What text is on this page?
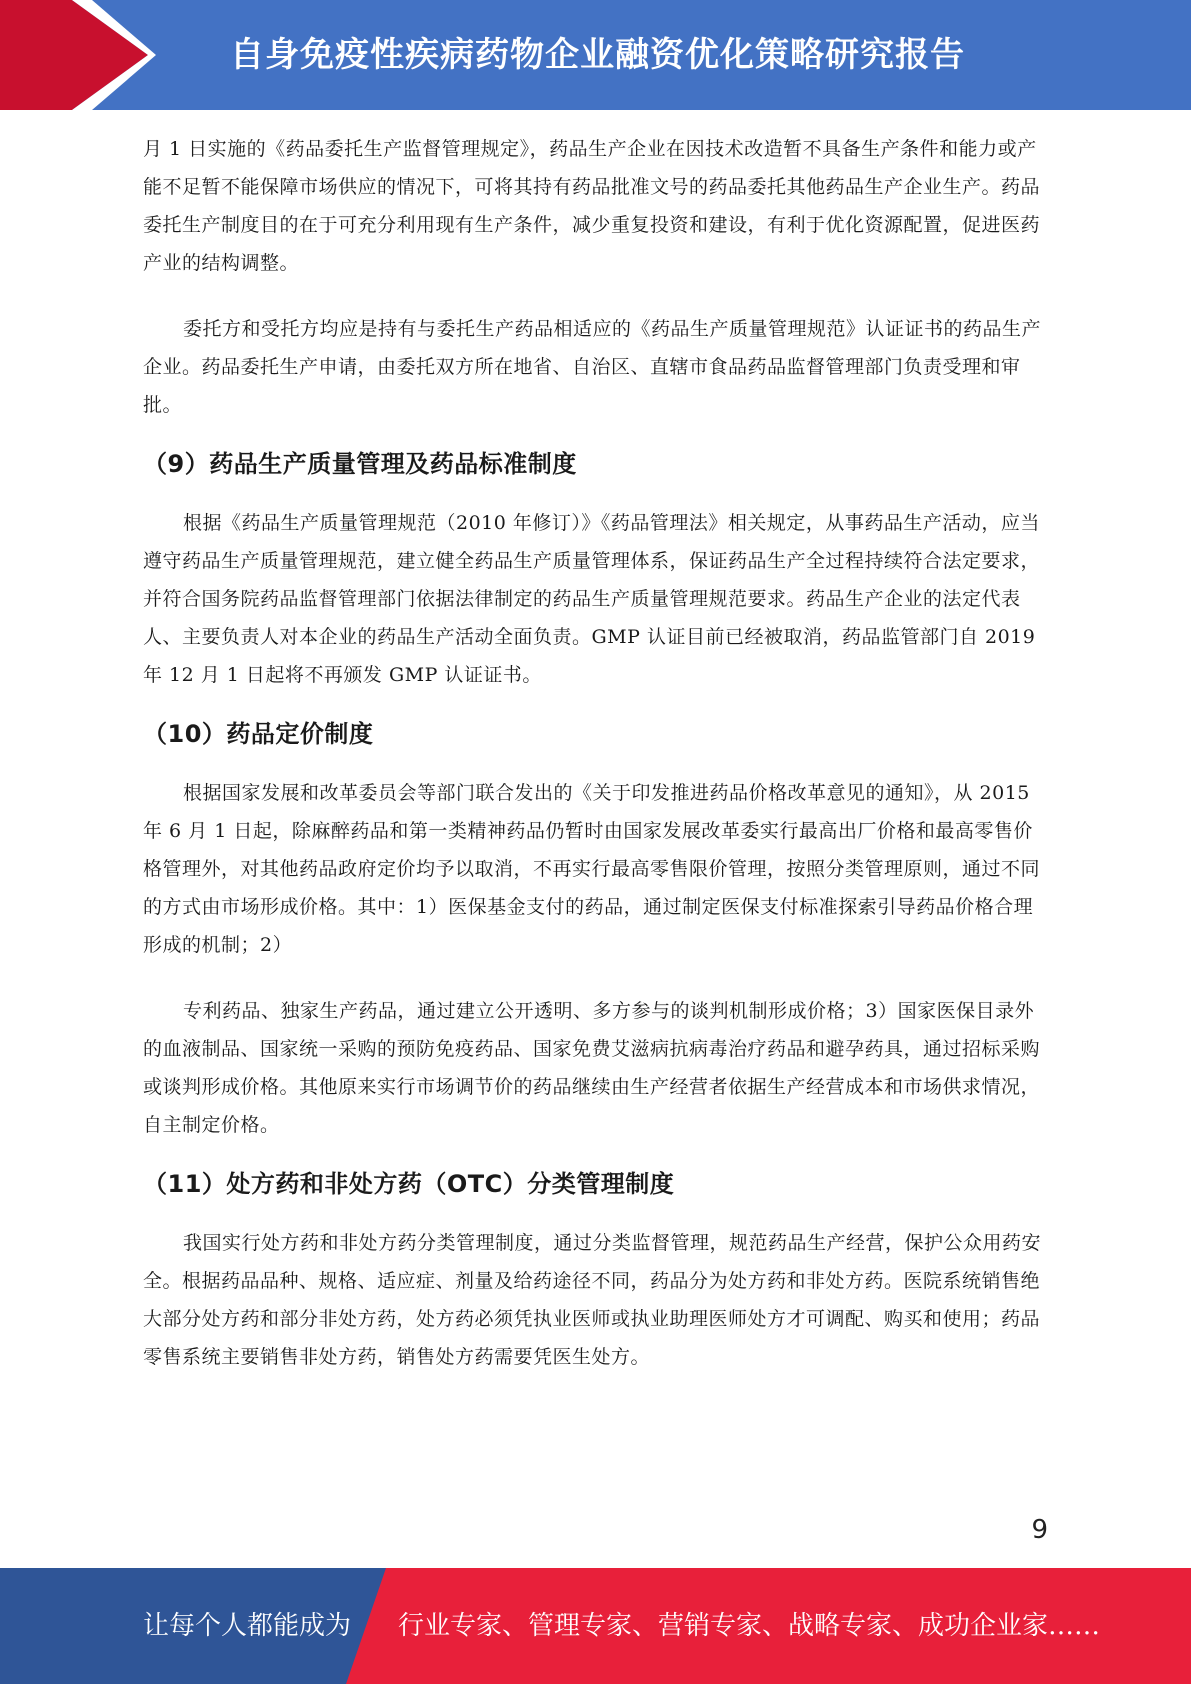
自身免疫性疾病药物企业融资优化策略研究报告

月 1 日实施的《药品委托生产监督管理规定》，药品生产企业在因技术改造暂不具备生产条件和能力或产能不足暂不能保障市场供应的情况下，可将其持有药品批准文号的药品委托其他药品生产企业生产。药品委托生产制度目的在于可充分利用现有生产条件，减少重复投资和建设，有利于优化资源配置，促进医药产业的结构调整。

委托方和受托方均应是持有与委托生产药品相适应的《药品生产质量管理规范》认证证书的药品生产企业。药品委托生产申请，由委托双方所在地省、自治区、直辖市食品药品监督管理部门负责受理和审批。

（9）药品生产质量管理及药品标准制度

根据《药品生产质量管理规范（2010 年修订）》《药品管理法》相关规定，从事药品生产活动，应当遵守药品生产质量管理规范，建立健全药品生产质量管理体系，保证药品生产全过程持续符合法定要求，并符合国务院药品监督管理部门依据法律制定的药品生产质量管理规范要求。药品生产企业的法定代表人、主要负责人对本企业的药品生产活动全面负责。GMP 认证目前已经被取消，药品监管部门自 2019 年 12 月 1 日起将不再颁发 GMP 认证证书。

（10）药品定价制度

根据国家发展和改革委员会等部门联合发出的《关于印发推进药品价格改革意见的通知》，从 2015 年 6 月 1 日起，除麻醉药品和第一类精神药品仍暂时由国家发展改革委实行最高出厂价格和最高零售价格管理外，对其他药品政府定价均予以取消，不再实行最高零售限价管理，按照分类管理原则，通过不同的方式由市场形成价格。其中：1）医保基金支付的药品，通过制定医保支付标准探索引导药品价格合理形成的机制；2）

专利药品、独家生产药品，通过建立公开透明、多方参与的谈判机制形成价格；3）国家医保目录外的血液制品、国家统一采购的预防免疫药品、国家免费艾滋病抗病毒治疗药品和避孕药具，通过招标采购或谈判形成价格。其他原来实行市场调节价的药品继续由生产经营者依据生产经营成本和市场供求情况，自主制定价格。

（11）处方药和非处方药（OTC）分类管理制度

我国实行处方药和非处方药分类管理制度，通过分类监督管理，规范药品生产经营，保护公众用药安全。根据药品品种、规格、适应症、剂量及给药途径不同，药品分为处方药和非处方药。医院系统销售绝大部分处方药和部分非处方药，处方药必须凭执业医师或执业助理医师处方才可调配、购买和使用；药品零售系统主要销售非处方药，销售处方药需要凭医生处方。

9
让每个人都能成为 行业专家、管理专家、营销专家、战略专家、成功企业家……
